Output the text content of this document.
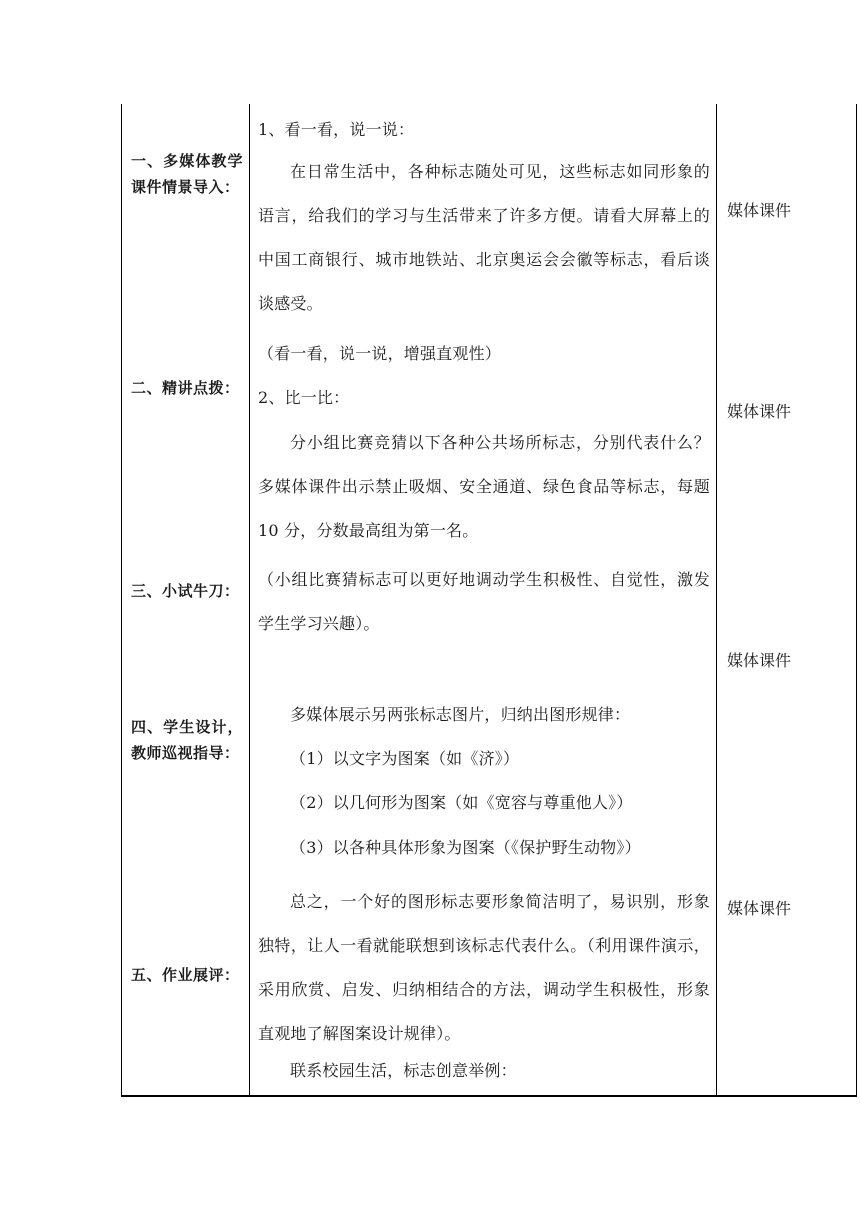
一、多媒体教学课件情景导入：
二、精讲点拨：
三、小试牛刀：
四、学生设计，教师巡视指导：
五、作业展评：
1、看一看，说一说：
在日常生活中，各种标志随处可见，这些标志如同形象的语言，给我们的学习与生活带来了许多方便。请看大屏幕上的中国工商银行、城市地铁站、北京奥运会会徽等标志，看后谈谈感受。
（看一看，说一说，增强直观性）
2、比一比：
分小组比赛竞猜以下各种公共场所标志，分别代表什么？多媒体课件出示禁止吸烟、安全通道、绿色食品等标志，每题 10 分，分数最高组为第一名。
（小组比赛猜标志可以更好地调动学生积极性、自觉性，激发学生学习兴趣）。
多媒体展示另两张标志图片，归纳出图形规律：
（1）以文字为图案（如《济》）
（2）以几何形为图案（如《宽容与尊重他人》）
（3）以各种具体形象为图案（《保护野生动物》）
总之，一个好的图形标志要形象简洁明了，易识别，形象独特，让人一看就能联想到该标志代表什么。（利用课件演示，采用欣赏、启发、归纳相结合的方法，调动学生积极性，形象直观地了解图案设计规律）。
联系校园生活，标志创意举例：
媒体课件
媒体课件
媒体课件
媒体课件
